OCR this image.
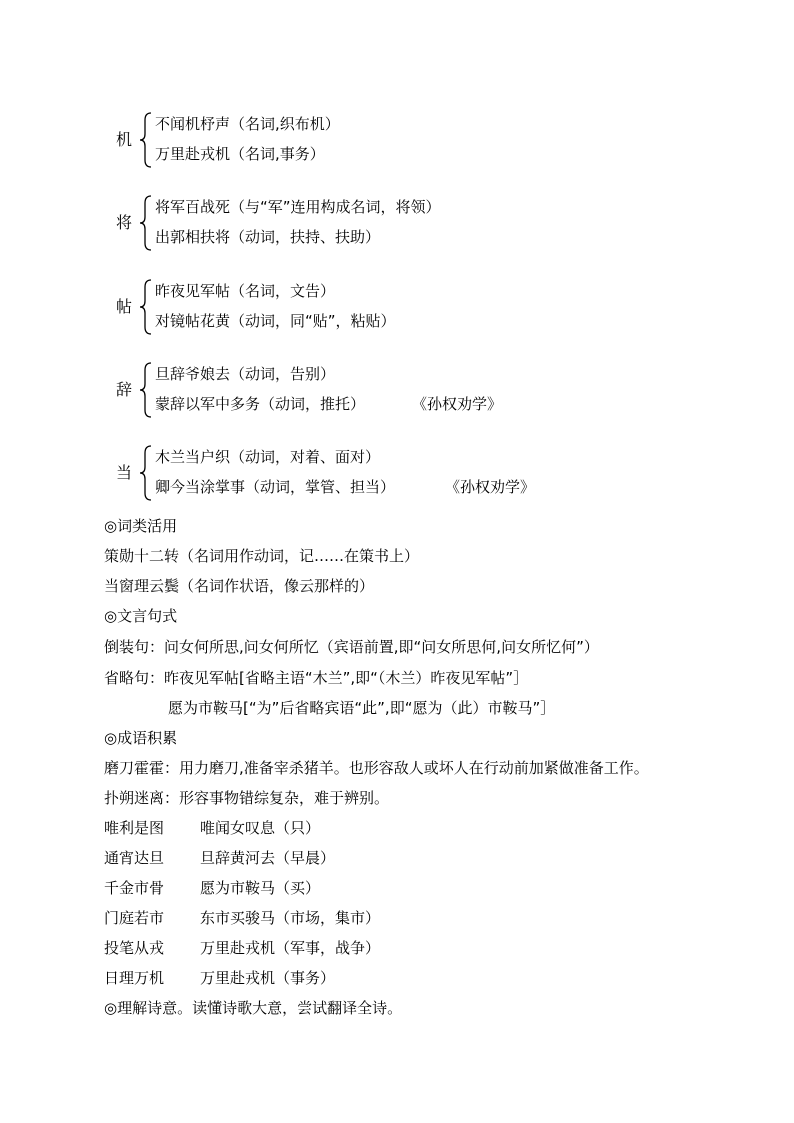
机
不闻机杼声（名词,织布机）
万里赴戎机（名词,事务）
将
将军百战死（与“军”连用构成名词，将领）
出郭相扶将（动词，扶持、扶助）
帖
昨夜见军帖（名词，文告）
对镜帖花黄（动词，同“贴”，粘贴）
辞
旦辞爷娘去（动词，告别）
蒙辞以军中多务（动词，推托）	《孙权劝学》
当
木兰当户织（动词，对着、面对）
卿今当涂掌事（动词，掌管、担当）	《孙权劝学》
◎词类活用
策勋十二转（名词用作动词，记……在策书上）
当窗理云鬓（名词作状语，像云那样的）
◎文言句式
倒装句：问女何所思,问女何所忆（宾语前置,即“问女所思何,问女所忆何”）
省略句：昨夜见军帖[省略主语“木兰”,即“（木兰）昨夜见军帖”］
愿为市鞍马[“为”后省略宾语“此”,即“愿为（此）市鞍马”］
◎成语积累
磨刀霍霍：用力磨刀,准备宰杀猪羊。也形容敌人或坏人在行动前加紧做准备工作。
扑朔迷离：形容事物错综复杂，难于辨别。
唯利是图 唯闻女叹息（只）
通宵达旦 旦辞黄河去（早晨）
千金市骨 愿为市鞍马（买）
门庭若市 东市买骏马（市场，集市）
投笔从戎 万里赴戎机（军事，战争）
日理万机 万里赴戎机（事务）
◎理解诗意。读懂诗歌大意，尝试翻译全诗。
